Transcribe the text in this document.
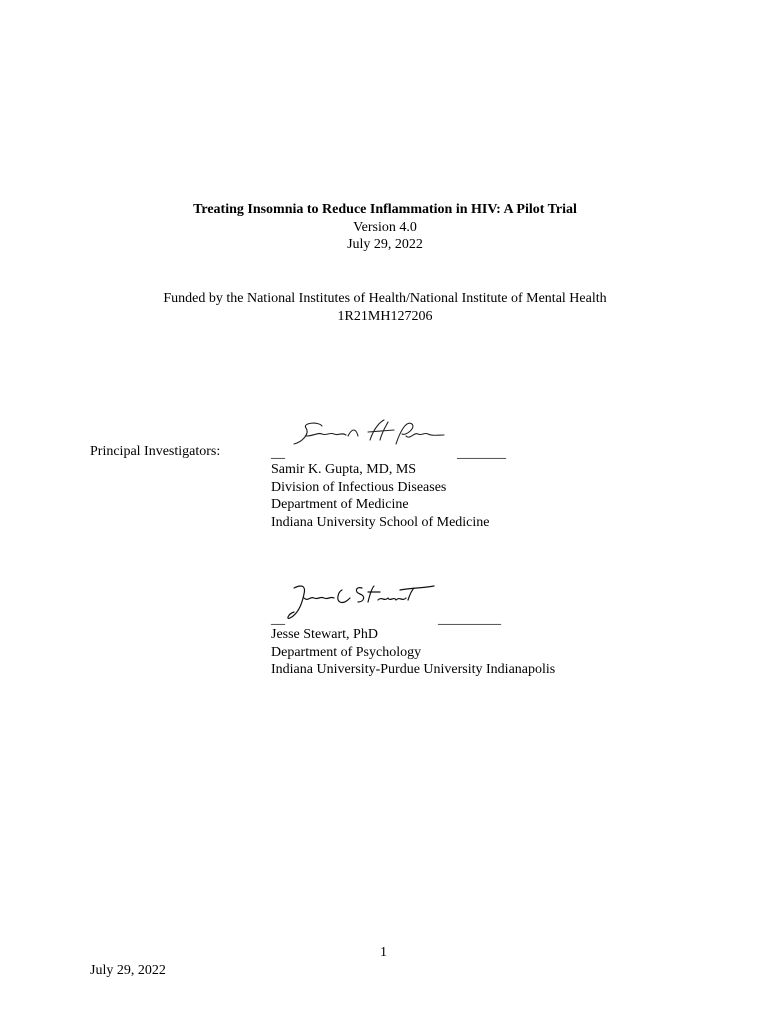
Treating Insomnia to Reduce Inflammation in HIV: A Pilot Trial
Version 4.0
July 29, 2022
Funded by the National Institutes of Health/National Institute of Mental Health
1R21MH127206
Principal Investigators:	__	_______
Samir K. Gupta, MD, MS
Division of Infectious Diseases
Department of Medicine
Indiana University School of Medicine
__	_________
Jesse Stewart, PhD
Department of Psychology
Indiana University-Purdue University Indianapolis
1
July 29, 2022
